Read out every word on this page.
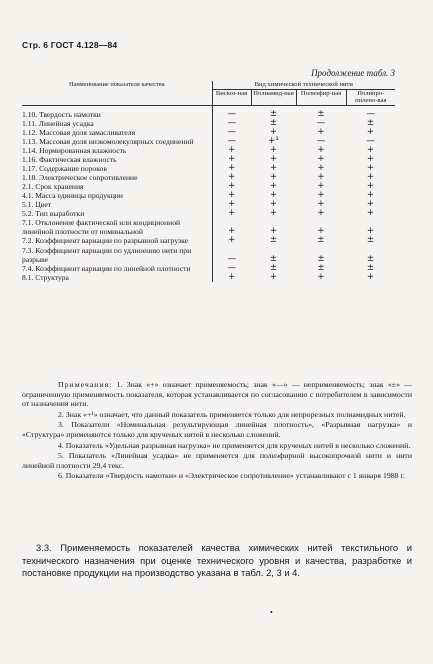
Стр. 6 ГОСТ 4.128—84
Продолжение табл. 3
Наименование показателя качества	Вид химической технической нити			
	Вискоз-ная	Полиамид-ная	Полиэфир-ная	Полипро-пилено-вая
1.10. Твердость намотки	—	±	±	—
1.11. Линейная усадка	—	±	—	±
1.12. Массовая доля замасливателя	—	+	+	+
1.13. Массовая доля низкомолекулярных соединений	—	+¹	—	—
1.14. Нормированная влажность	+	+	+	+
1.16. Фактическая влажность	+	+	+	+
1.17. Содержание пороков	+	+	+	+
1.18. Электрическое сопротивление	+	+	+	+
2.1. Срок хранения	+	+	+	+
4.1. Масса единицы продукции	+	+	+	+
5.1. Цвет	+	+	+	+
5.2. Тип выработки	+	+	+	+
7.1. Отклонение фактической или кондиционной линейной плотности от номинальной	+	+	+	+
7.2. Коэффициент вариации по разрывной нагрузке	+	±	±	±
7.3. Коэффициент вариации по удлинению нити при разрыве	—	±	±	±
7.4. Коэффициент вариации по линейной плотности	—	±	±	±
8.1. Структура	+	+	+	+

Примечания: 1. Знак «+» означает применяемость; знак «—» — неприменяемость; знак «±» — ограниченную применяемость показателя, которая устанавливается по согласованию с потребителем в зависимости от назначения нити.

2. Знак «+¹» означает, что данный показатель применяется только для непрорезных полиамидных нитей.

3. Показатели «Номинальная результирующая линейная плотность», «Разрывная нагрузка» и «Структура» применяются только для крученых нитей в несколько сложений.

4. Показатель «Удельная разрывная нагрузка» не применяется для крученых нитей в несколько сложений.

5. Показатель «Линейная усадка» не применяется для полиэфирной высокопрочной нити и нити линейной плотности 29,4 текс.

6. Показатели «Твердость намотки» и «Электрическое сопротивление» устанавливают с 1 января 1988 г.

3.3. Применяемость показателей качества химических нитей текстильного и технического назначения при оценке технического уровня и качества, разработке и постановке продукции на производство указана в табл. 2, 3 и 4.
•
